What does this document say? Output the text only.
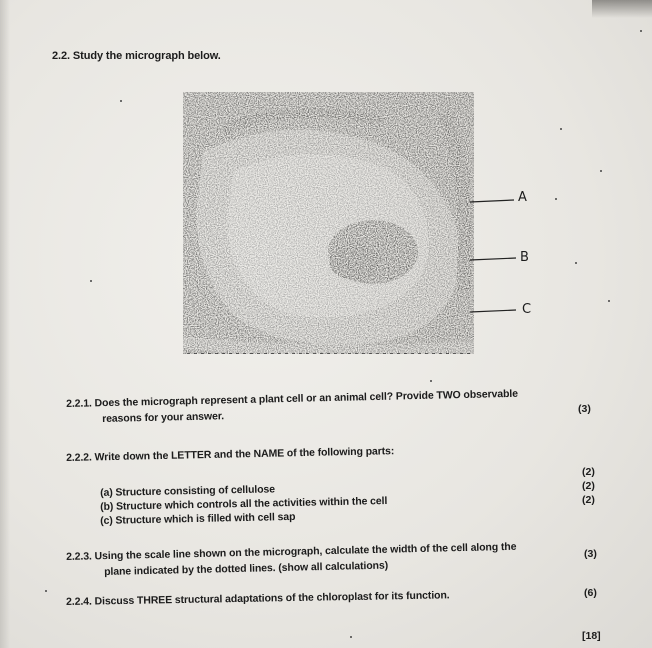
2.2. Study the micrograph below.
A
B
C
2.2.1. Does the micrograph represent a plant cell or an animal cell? Provide TWO observable
reasons for your answer.
(3)
2.2.2. Write down the LETTER and the NAME of the following parts:
(a) Structure consisting of cellulose
(b) Structure which controls all the activities within the cell
(c) Structure which is filled with cell sap
(2)
(2)
(2)
2.2.3. Using the scale line shown on the micrograph, calculate the width of the cell along the
plane indicated by the dotted lines. (show all calculations)
(3)
2.2.4. Discuss THREE structural adaptations of the chloroplast for its function.	(6)
[18]
